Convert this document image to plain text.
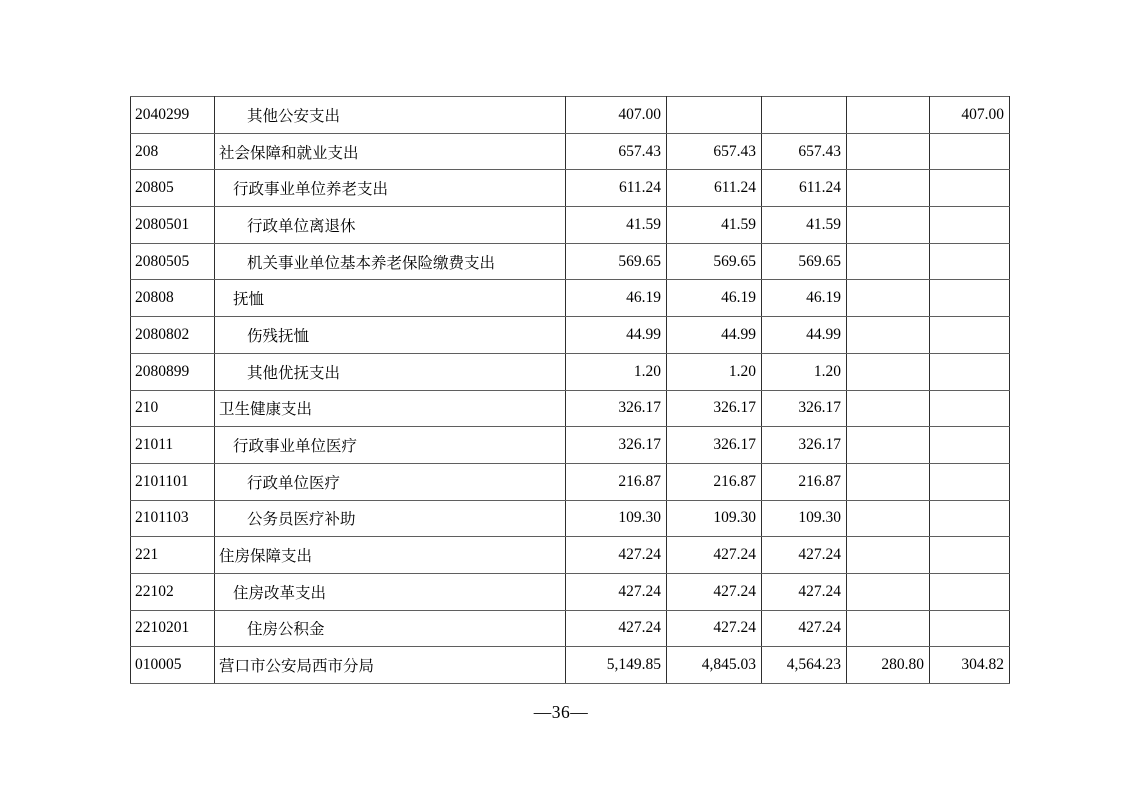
2040299	其他公安支出	407.00				407.00
208	社会保障和就业支出	657.43	657.43	657.43		
20805	行政事业单位养老支出	611.24	611.24	611.24		
2080501	行政单位离退休	41.59	41.59	41.59		
2080505	机关事业单位基本养老保险缴费支出	569.65	569.65	569.65		
20808	抚恤	46.19	46.19	46.19		
2080802	伤残抚恤	44.99	44.99	44.99		
2080899	其他优抚支出	1.20	1.20	1.20		
210	卫生健康支出	326.17	326.17	326.17		
21011	行政事业单位医疗	326.17	326.17	326.17		
2101101	行政单位医疗	216.87	216.87	216.87		
2101103	公务员医疗补助	109.30	109.30	109.30		
221	住房保障支出	427.24	427.24	427.24		
22102	住房改革支出	427.24	427.24	427.24		
2210201	住房公积金	427.24	427.24	427.24		
010005	营口市公安局西市分局	5,149.85	4,845.03	4,564.23	280.80	304.82
—36—
